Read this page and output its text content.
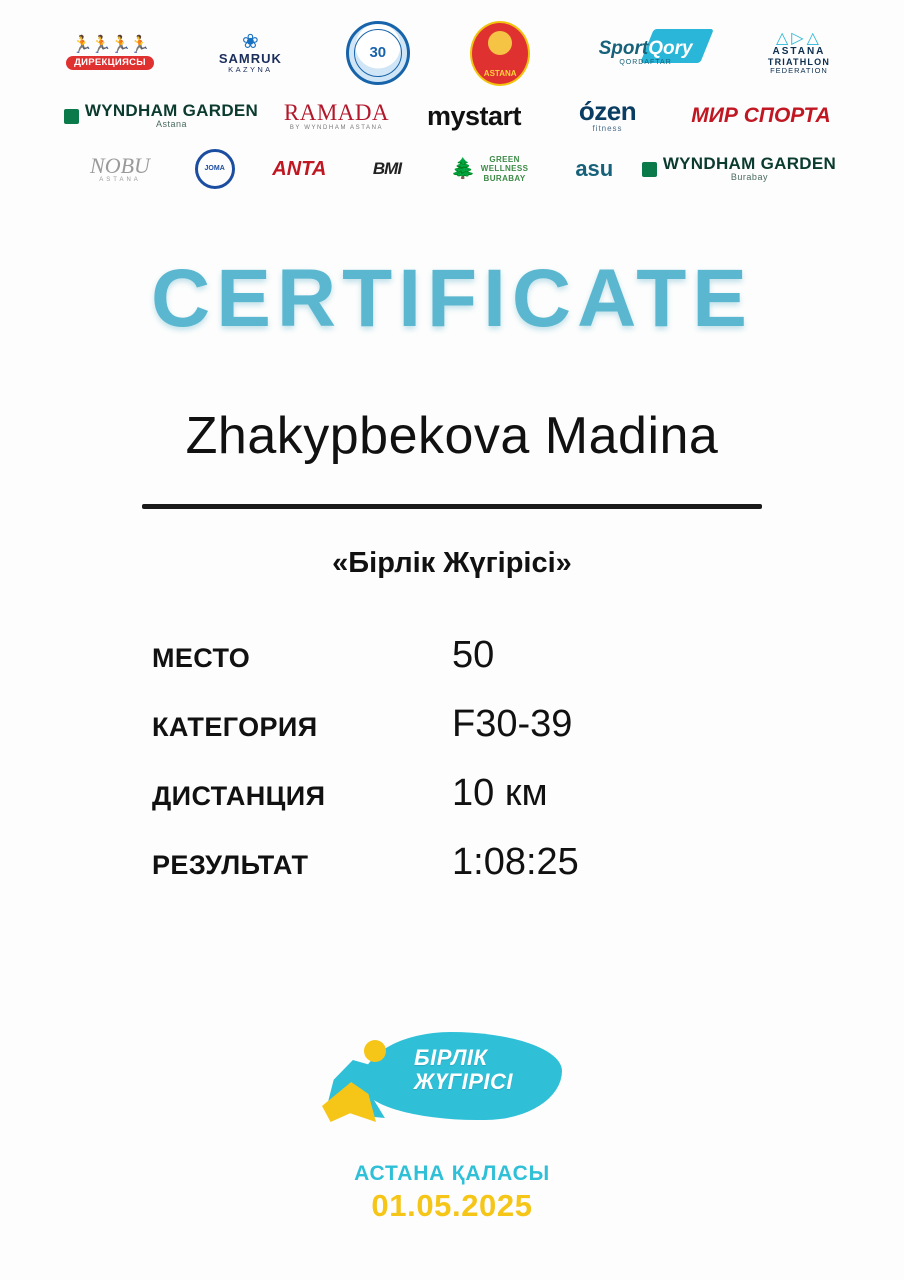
🏃🏃🏃🏃
ДИРЕКЦИЯСЫ
❀
SAMRUK
KAZYNA
30
ASTANA
SportQory
QORDAFTAR
△▷△
ASTANA
TRIATHLON
FEDERATION
WYNDHAM GARDEN
Astana	RAMADA
BY WYNDHAM ASTANA	mystart	ózen
fitness
МИР СПОРТА
NOBU
ASTANA
JOMA	ANTA	BMI	🌲	GREEN
WELLNESS
BURABAY	asu	WYNDHAM GARDEN
Burabay
CERTIFICATE
Zhakypbekova Madina
«Бірлік Жүгірісі»
МЕСТО	50
КАТЕГОРИЯ	F30-39
ДИСТАНЦИЯ	10 км
РЕЗУЛЬТАТ	1:08:25
БІРЛІК
ЖҮГІРІСІ
АСТАНА ҚАЛАСЫ
01.05.2025
